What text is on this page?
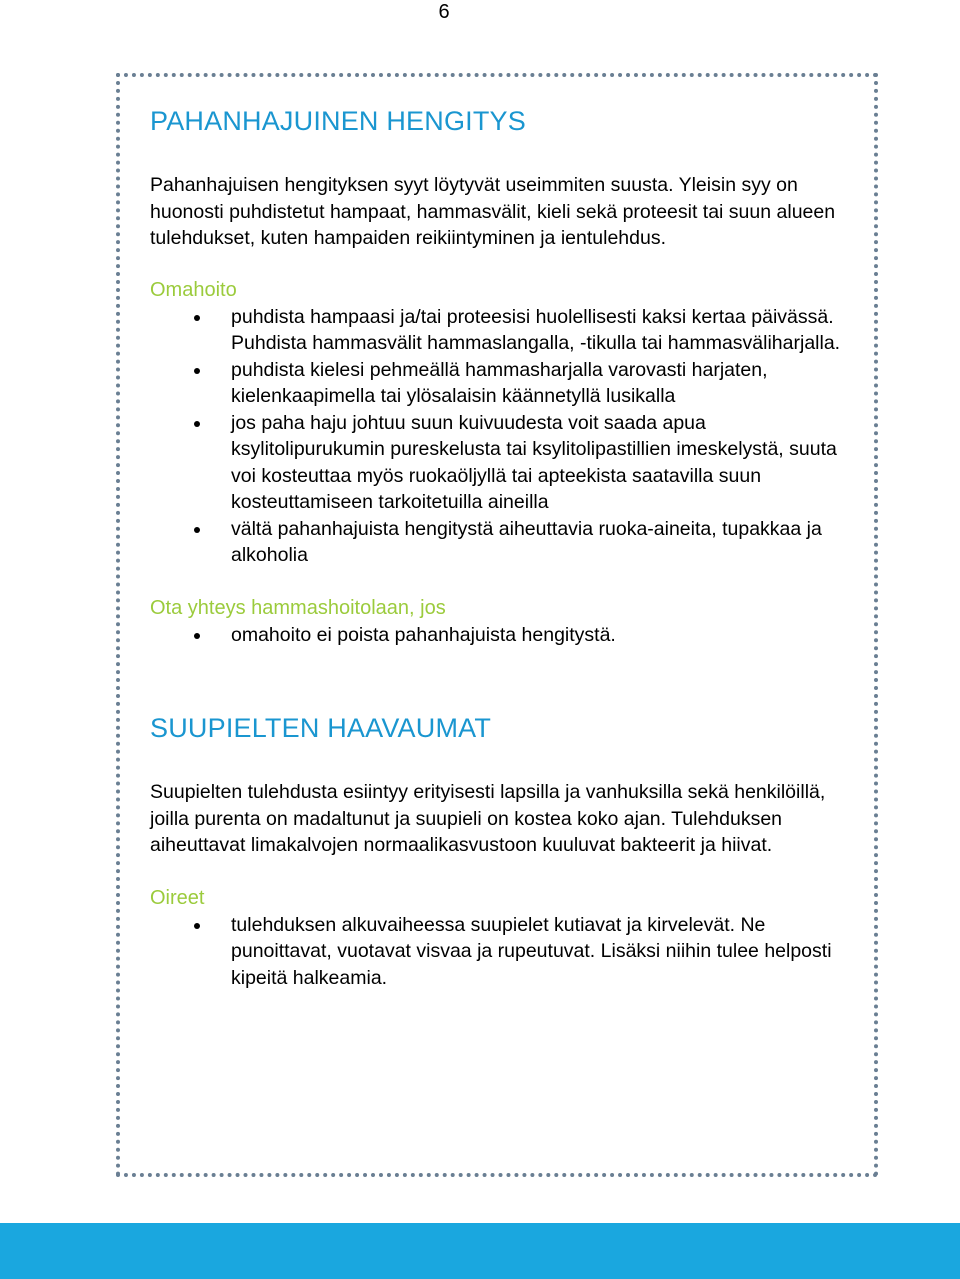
6
PAHANHAJUINEN HENGITYS

Pahanhajuisen hengityksen syyt löytyvät useimmiten suusta. Yleisin syy on huonosti puhdistetut hampaat, hammasvälit, kieli sekä proteesit tai suun alueen tulehdukset, kuten hampaiden reikiintyminen ja ientulehdus.

Omahoito

puhdista hampaasi ja/tai proteesisi huolellisesti kaksi kertaa päivässä. Puhdista hammasvälit hammaslangalla, -tikulla tai hammasväliharjalla.
puhdista kielesi pehmeällä hammasharjalla varovasti harjaten, kielenkaapimella tai ylösalaisin käännetyllä lusikalla
jos paha haju johtuu suun kuivuudesta voit saada apua ksylitolipurukumin pureskelusta tai ksylitolipastillien imeskelystä, suuta voi kosteuttaa myös ruokaöljyllä tai apteekista saatavilla suun kosteuttamiseen tarkoitetuilla aineilla
vältä pahanhajuista hengitystä aiheuttavia ruoka-aineita, tupakkaa ja alkoholia

Ota yhteys hammashoitolaan, jos

omahoito ei poista pahanhajuista hengitystä.
SUUPIELTEN HAAVAUMAT

Suupielten tulehdusta esiintyy erityisesti lapsilla ja vanhuksilla sekä henkilöillä, joilla purenta on madaltunut ja suupieli on kostea koko ajan. Tulehduksen aiheuttavat limakalvojen normaalikasvustoon kuuluvat bakteerit ja hiivat.

Oireet

tulehduksen alkuvaiheessa suupielet kutiavat ja kirvelevät. Ne punoittavat, vuotavat visvaa ja rupeutuvat. Lisäksi niihin tulee helposti kipeitä halkeamia.
